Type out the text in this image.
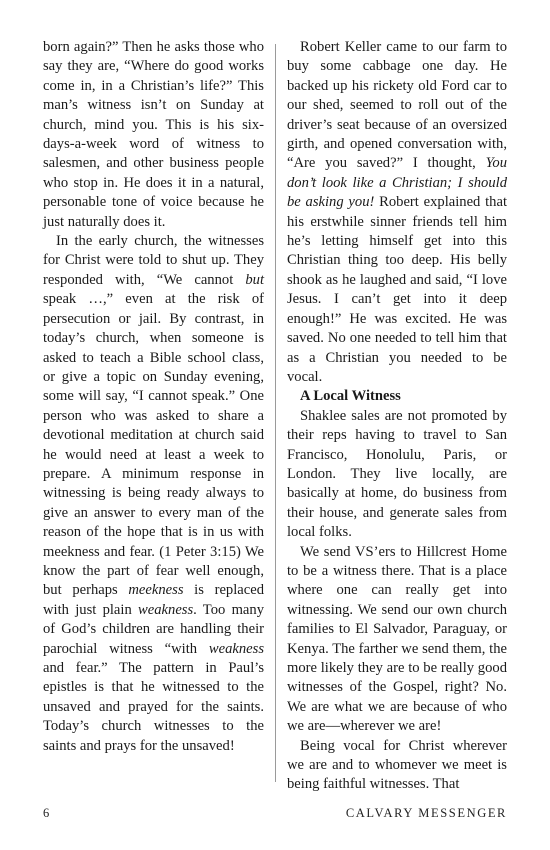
born again?” Then he asks those who say they are, “Where do good works come in, in a Christian’s life?” This man’s witness isn’t on Sunday at church, mind you. This is his six-days-a-week word of witness to salesmen, and other business people who stop in. He does it in a natural, personable tone of voice because he just naturally does it.

In the early church, the witnesses for Christ were told to shut up. They responded with, “We cannot but speak …,” even at the risk of persecution or jail. By contrast, in today’s church, when someone is asked to teach a Bible school class, or give a topic on Sunday evening, some will say, “I cannot speak.” One person who was asked to share a devotional meditation at church said he would need at least a week to prepare. A minimum response in witnessing is being ready always to give an answer to every man of the reason of the hope that is in us with meekness and fear. (1 Peter 3:15) We know the part of fear well enough, but perhaps meekness is replaced with just plain weakness. Too many of God’s children are handling their parochial witness “with weakness and fear.” The pattern in Paul’s epistles is that he witnessed to the unsaved and prayed for the saints. Today’s church witnesses to the saints and prays for the unsaved!

Robert Keller came to our farm to buy some cabbage one day. He backed up his rickety old Ford car to our shed, seemed to roll out of the driver’s seat because of an oversized girth, and opened conversation with, “Are you saved?” I thought, You don’t look like a Christian; I should be asking you! Robert explained that his erstwhile sinner friends tell him he’s letting himself get into this Christian thing too deep. His belly shook as he laughed and said, “I love Jesus. I can’t get into it deep enough!” He was excited. He was saved. No one needed to tell him that as a Christian you needed to be vocal.

A Local Witness

Shaklee sales are not promoted by their reps having to travel to San Francisco, Honolulu, Paris, or London. They live locally, are basically at home, do business from their house, and generate sales from local folks.

We send VS’ers to Hillcrest Home to be a witness there. That is a place where one can really get into witnessing. We send our own church families to El Salvador, Paraguay, or Kenya. The farther we send them, the more likely they are to be really good witnesses of the Gospel, right? No. We are what we are because of who we are—wherever we are!

Being vocal for Christ wherever we are and to whomever we meet is being faithful witnesses. That

6	CALVARY MESSENGER
